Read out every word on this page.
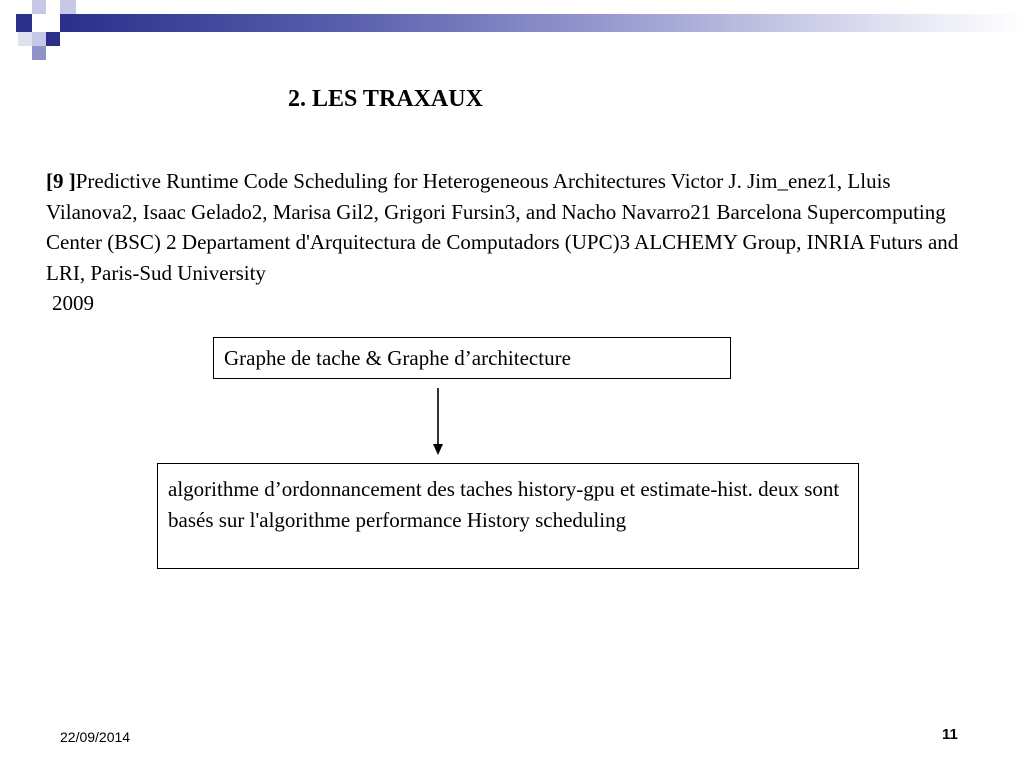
2. LES TRAXAUX
[9 ]Predictive Runtime Code Scheduling for Heterogeneous Architectures Victor J. Jim_enez1, Lluis Vilanova2, Isaac Gelado2, Marisa Gil2, Grigori Fursin3, and Nacho Navarro21 Barcelona Supercomputing Center (BSC) 2 Departament d'Arquitectura de Computadors (UPC)3 ALCHEMY Group, INRIA Futurs and LRI, Paris-Sud University
2009
Graphe de tache & Graphe d’architecture
algorithme d’ordonnancement des taches history-gpu et estimate-hist. deux sont basés sur l'algorithme performance History scheduling
22/09/2014	11
